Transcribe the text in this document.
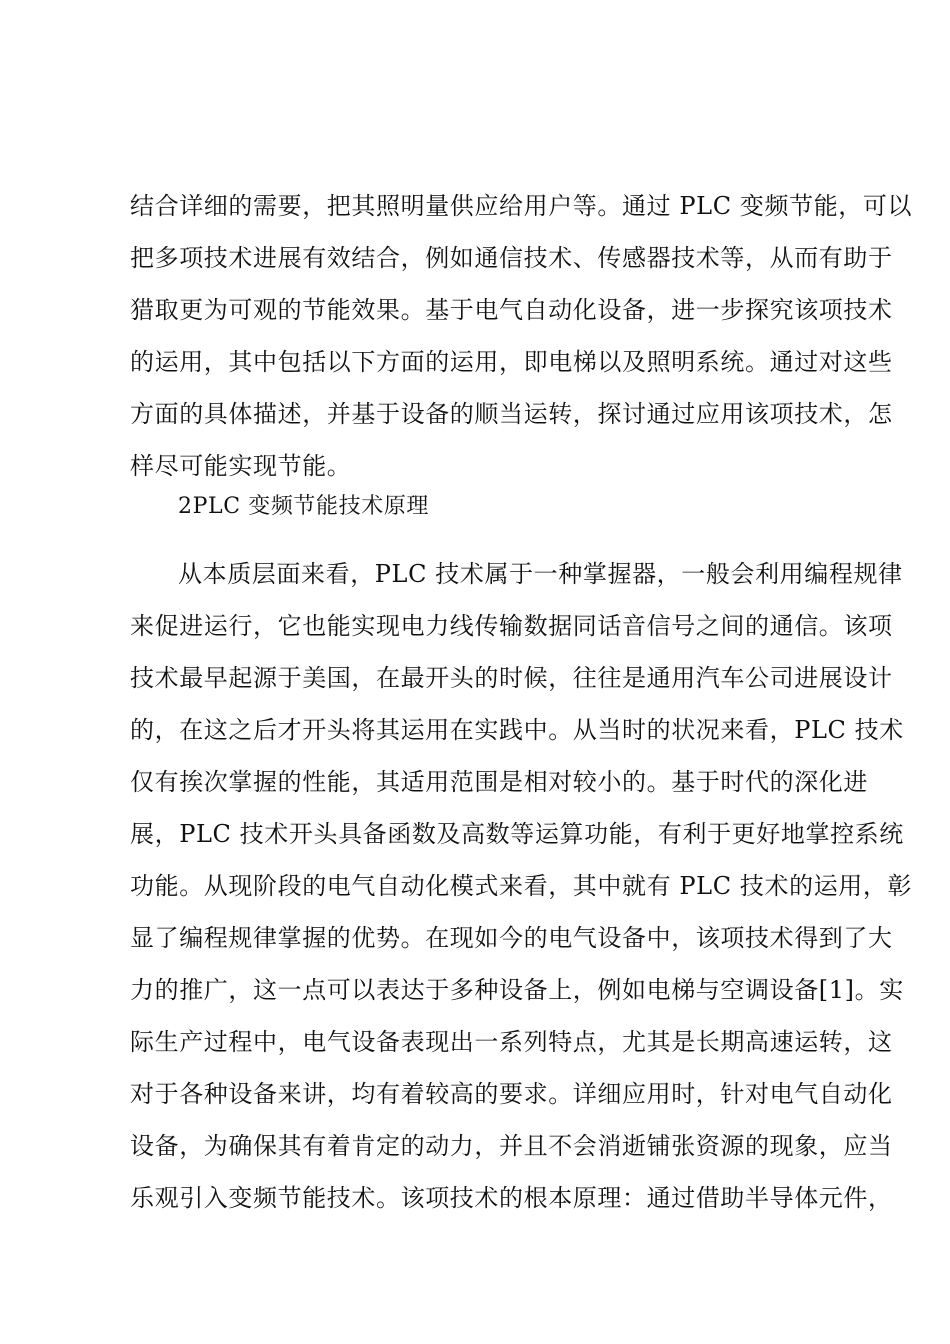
结合详细的需要，把其照明量供应给用户等。通过 PLC 变频节能，可以
把多项技术进展有效结合，例如通信技术、传感器技术等，从而有助于
猎取更为可观的节能效果。基于电气自动化设备，进一步探究该项技术
的运用，其中包括以下方面的运用，即电梯以及照明系统。通过对这些
方面的具体描述，并基于设备的顺当运转，探讨通过应用该项技术，怎
样尽可能实现节能。
2PLC 变频节能技术原理
从本质层面来看，PLC 技术属于一种掌握器，一般会利用编程规律
来促进运行，它也能实现电力线传输数据同话音信号之间的通信。该项
技术最早起源于美国，在最开头的时候，往往是通用汽车公司进展设计
的，在这之后才开头将其运用在实践中。从当时的状况来看，PLC 技术
仅有挨次掌握的性能，其适用范围是相对较小的。基于时代的深化进
展，PLC 技术开头具备函数及高数等运算功能，有利于更好地掌控系统
功能。从现阶段的电气自动化模式来看，其中就有 PLC 技术的运用，彰
显了编程规律掌握的优势。在现如今的电气设备中，该项技术得到了大
力的推广，这一点可以表达于多种设备上，例如电梯与空调设备[1]。实
际生产过程中，电气设备表现出一系列特点，尤其是长期高速运转，这
对于各种设备来讲，均有着较高的要求。详细应用时，针对电气自动化
设备，为确保其有着肯定的动力，并且不会消逝铺张资源的现象，应当
乐观引入变频节能技术。该项技术的根本原理：通过借助半导体元件，
